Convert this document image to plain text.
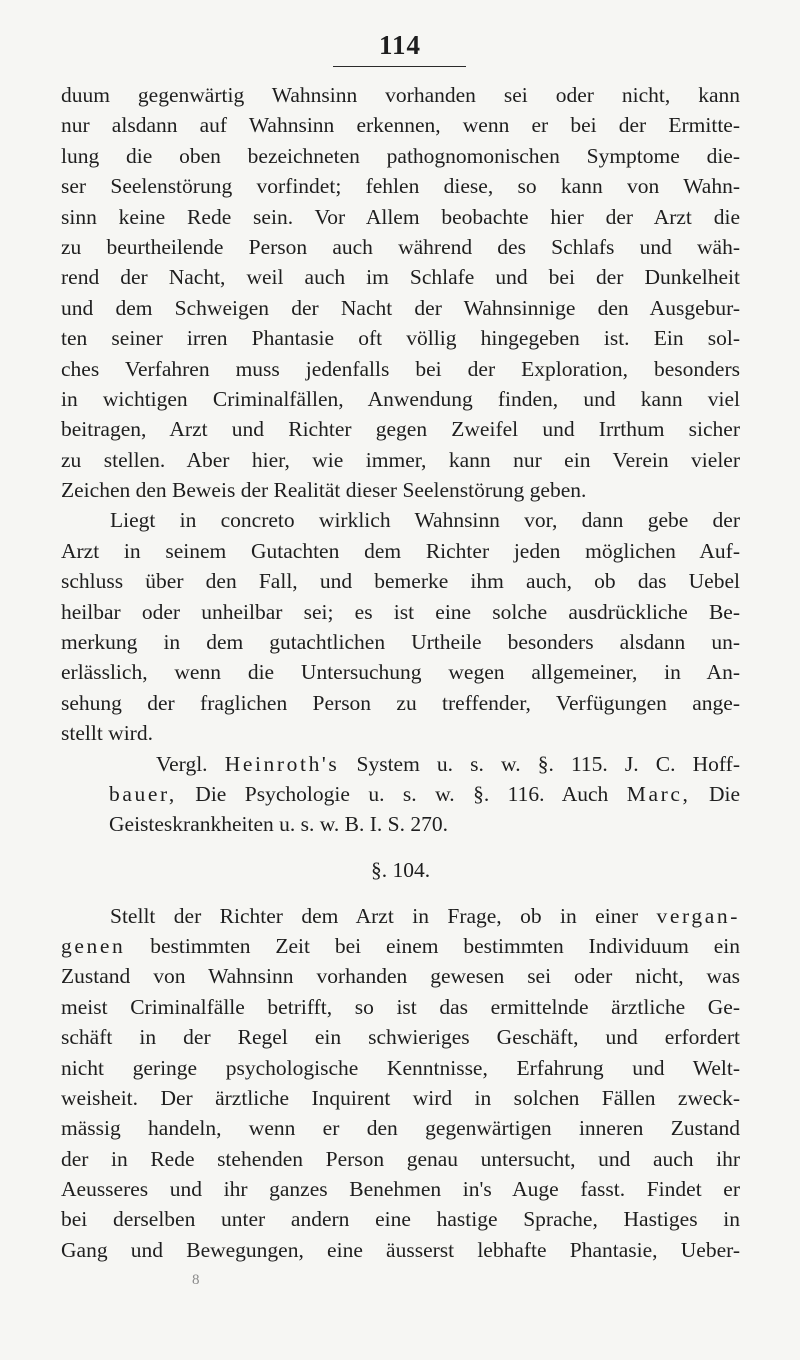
114
duum gegenwärtig Wahnsinn vorhanden sei oder nicht, kann
nur alsdann auf Wahnsinn erkennen, wenn er bei der Ermitte-
lung die oben bezeichneten pathognomonischen Symptome die-
ser Seelenstörung vorfindet; fehlen diese, so kann von Wahn-
sinn keine Rede sein. Vor Allem beobachte hier der Arzt die
zu beurtheilende Person auch während des Schlafs und wäh-
rend der Nacht, weil auch im Schlafe und bei der Dunkelheit
und dem Schweigen der Nacht der Wahnsinnige den Ausgebur-
ten seiner irren Phantasie oft völlig hingegeben ist. Ein sol-
ches Verfahren muss jedenfalls bei der Exploration, besonders
in wichtigen Criminalfällen, Anwendung finden, und kann viel
beitragen, Arzt und Richter gegen Zweifel und Irrthum sicher
zu stellen. Aber hier, wie immer, kann nur ein Verein vieler
Zeichen den Beweis der Realität dieser Seelenstörung geben.
Liegt in concreto wirklich Wahnsinn vor, dann gebe der
Arzt in seinem Gutachten dem Richter jeden möglichen Auf-
schluss über den Fall, und bemerke ihm auch, ob das Uebel
heilbar oder unheilbar sei; es ist eine solche ausdrückliche Be-
merkung in dem gutachtlichen Urtheile besonders alsdann un-
erlässlich, wenn die Untersuchung wegen allgemeiner, in An-
sehung der fraglichen Person zu treffender, Verfügungen ange-
stellt wird.
Vergl. Heinroth's System u. s. w. §. 115. J. C. Hoff-
bauer, Die Psychologie u. s. w. §. 116. Auch Marc, Die
Geisteskrankheiten u. s. w. B. I. S. 270.
§. 104.
Stellt der Richter dem Arzt in Frage, ob in einer vergan-
genen bestimmten Zeit bei einem bestimmten Individuum ein
Zustand von Wahnsinn vorhanden gewesen sei oder nicht, was
meist Criminalfälle betrifft, so ist das ermittelnde ärztliche Ge-
schäft in der Regel ein schwieriges Geschäft, und erfordert
nicht geringe psychologische Kenntnisse, Erfahrung und Welt-
weisheit. Der ärztliche Inquirent wird in solchen Fällen zweck-
mässig handeln, wenn er den gegenwärtigen inneren Zustand
der in Rede stehenden Person genau untersucht, und auch ihr
Aeusseres und ihr ganzes Benehmen in's Auge fasst. Findet er
bei derselben unter andern eine hastige Sprache, Hastiges in
Gang und Bewegungen, eine äusserst lebhafte Phantasie, Ueber-
8
